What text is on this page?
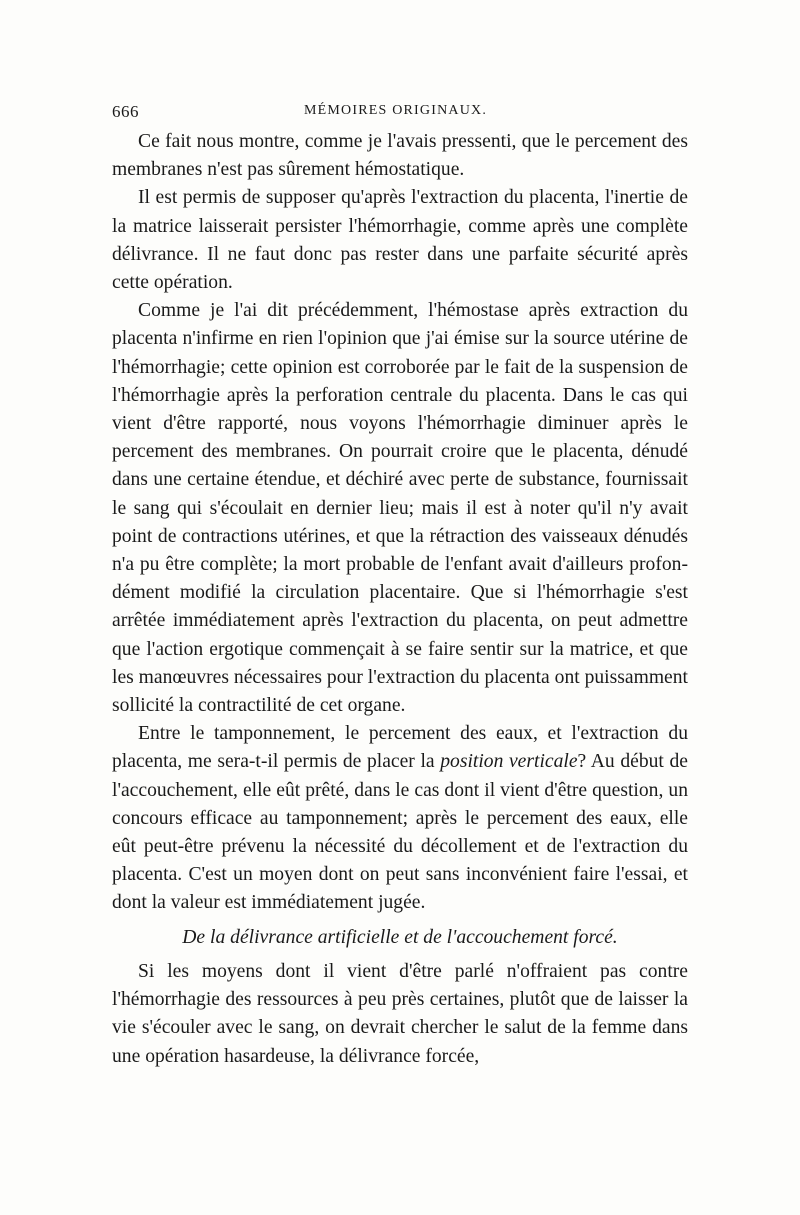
666	MÉMOIRES ORIGINAUX.

Ce fait nous montre, comme je l'avais pressenti, que le percement des membranes n'est pas sûrement hémostatique.

Il est permis de supposer qu'après l'extraction du placenta, l'inertie de la matrice laisserait persister l'hémorrhagie, comme après une complète délivrance. Il ne faut donc pas rester dans une parfaite sécurité après cette opération.

Comme je l'ai dit précédemment, l'hémostase après extraction du placenta n'infirme en rien l'opinion que j'ai émise sur la source utérine de l'hémorrhagie; cette opinion est corroborée par le fait de la suspension de l'hémorrhagie après la perforation centrale du placenta. Dans le cas qui vient d'être rapporté, nous voyons l'hémorrhagie diminuer après le percement des membranes. On pourrait croire que le placenta, dénudé dans une certaine étendue, et déchiré avec perte de substance, fournissait le sang qui s'écoulait en dernier lieu; mais il est à noter qu'il n'y avait point de contractions utérines, et que la rétraction des vaisseaux dénudés n'a pu être complète; la mort probable de l'enfant avait d'ailleurs profondément modifié la circulation placentaire. Que si l'hémorrhagie s'est arrêtée immédiatement après l'extraction du placenta, on peut admettre que l'action ergotique commençait à se faire sentir sur la matrice, et que les manœuvres nécessaires pour l'extraction du placenta ont puissamment sollicité la contractilité de cet organe.

Entre le tamponnement, le percement des eaux, et l'extraction du placenta, me sera-t-il permis de placer la position verticale? Au début de l'accouchement, elle eût prêté, dans le cas dont il vient d'être question, un concours efficace au tamponnement; après le percement des eaux, elle eût peut-être prévenu la nécessité du décollement et de l'extraction du placenta. C'est un moyen dont on peut sans inconvénient faire l'essai, et dont la valeur est immédiatement jugée.

De la délivrance artificielle et de l'accouchement forcé.

Si les moyens dont il vient d'être parlé n'offraient pas contre l'hémorrhagie des ressources à peu près certaines, plutôt que de laisser la vie s'écouler avec le sang, on devrait chercher le salut de la femme dans une opération hasardeuse, la délivrance forcée,
